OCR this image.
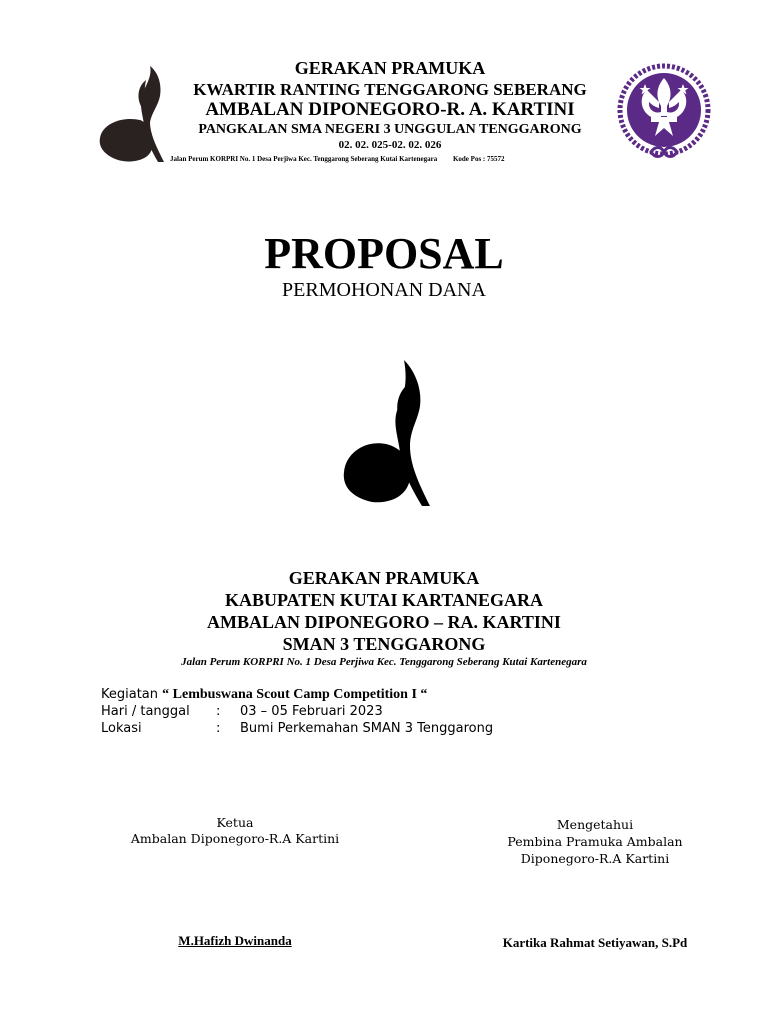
GERAKAN PRAMUKA
KWARTIR RANTING TENGGARONG SEBERANG
AMBALAN DIPONEGORO-R. A. KARTINI
PANGKALAN SMA NEGERI 3 UNGGULAN TENGGARONG
02. 02. 025-02. 02. 026
Jalan Perum KORPRI No. 1 Desa Perjiwa Kec. Tenggarong Seberang Kutai Kartenegara Kode Pos : 75572
PROPOSAL
PERMOHONAN DANA
GERAKAN PRAMUKA
KABUPATEN KUTAI KARTANEGARA
AMBALAN DIPONEGORO – RA. KARTINI
SMAN 3 TENGGARONG
Jalan Perum KORPRI No. 1 Desa Perjiwa Kec. Tenggarong Seberang Kutai Kartenegara
Kegiatan “ Lembuswana Scout Camp Competition I “
Hari / tanggal : 03 – 05 Februari 2023
Lokasi	: Bumi Perkemahan SMAN 3 Tenggarong
Ketua
Ambalan Diponegoro-R.A Kartini
Mengetahui
Pembina Pramuka Ambalan
Diponegoro-R.A Kartini
M.Hafizh Dwinanda	Kartika Rahmat Setiyawan, S.Pd
